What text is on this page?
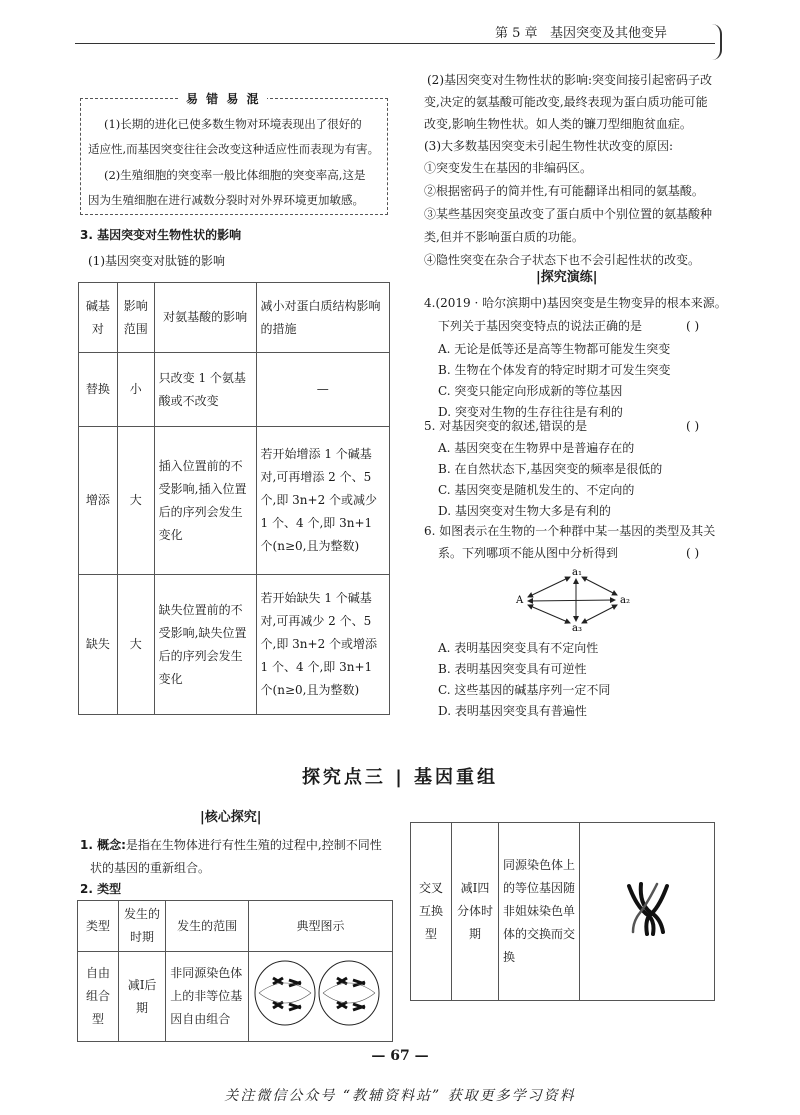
第 5 章 基因突变及其他变异
易 错 易 混
(1)长期的进化已使多数生物对环境表现出了很好的
适应性,而基因突变往往会改变这种适应性而表现为有害。
(2)生殖细胞的突变率一般比体细胞的突变率高,这是
因为生殖细胞在进行减数分裂时对外界环境更加敏感。
3. 基因突变对生物性状的影响
(1)基因突变对肽链的影响
碱基对	影响范围	对氨基酸的影响	减小对蛋白质结构影响的措施
替换	小	只改变 1 个氨基酸或不改变	—
增添	大	插入位置前的不受影响,插入位置后的序列会发生变化	若开始增添 1 个碱基对,可再增添 2 个、5 个,即 3n+2 个或减少 1 个、4 个,即 3n+1 个(n≥0,且为整数)
缺失	大	缺失位置前的不受影响,缺失位置后的序列会发生变化	若开始缺失 1 个碱基对,可再减少 2 个、5 个,即 3n+2 个或增添 1 个、4 个,即 3n+1 个(n≥0,且为整数)
(2)基因突变对生物性状的影响:突变间接引起密码子改
变,决定的氨基酸可能改变,最终表现为蛋白质功能可能
改变,影响生物性状。如人类的镰刀型细胞贫血症。
(3)大多数基因突变未引起生物性状改变的原因:
①突变发生在基因的非编码区。
②根据密码子的简并性,有可能翻译出相同的氨基酸。
③某些基因突变虽改变了蛋白质中个别位置的氨基酸种
类,但并不影响蛋白质的功能。
④隐性突变在杂合子状态下也不会引起性状的改变。
|探究演练|
4.(2019 · 哈尔滨期中)基因突变是生物变异的根本来源。
下列关于基因突变特点的说法正确的是	( )
A. 无论是低等还是高等生物都可能发生突变
B. 生物在个体发育的特定时期才可发生突变
C. 突变只能定向形成新的等位基因
D. 突变对生物的生存往往是有利的
5. 对基因突变的叙述,错误的是	( )
A. 基因突变在生物界中是普遍存在的
B. 在自然状态下,基因突变的频率是很低的
C. 基因突变是随机发生的、不定向的
D. 基因突变对生物大多是有利的
6. 如图表示在生物的一个种群中某一基因的类型及其关
系。下列哪项不能从图中分析得到	( )
a₁
a₂
a₃
A
A. 表明基因突变具有不定向性
B. 表明基因突变具有可逆性
C. 这些基因的碱基序列一定不同
D. 表明基因突变具有普遍性
探究点三 | 基因重组
|核心探究|
1. 概念:是指在生物体进行有性生殖的过程中,控制不同性
状的基因的重新组合。
2. 类型
类型	发生的时期	发生的范围	典型图示
自由组合型	减Ⅰ后期	非同源染色体上的非等位基因自由组合	
交叉互换型	减Ⅰ四分体时期	同源染色体上的等位基因随非姐妹染色单体的交换而交换	
— 67 —
关注微信公众号 “教辅资料站” 获取更多学习资料
